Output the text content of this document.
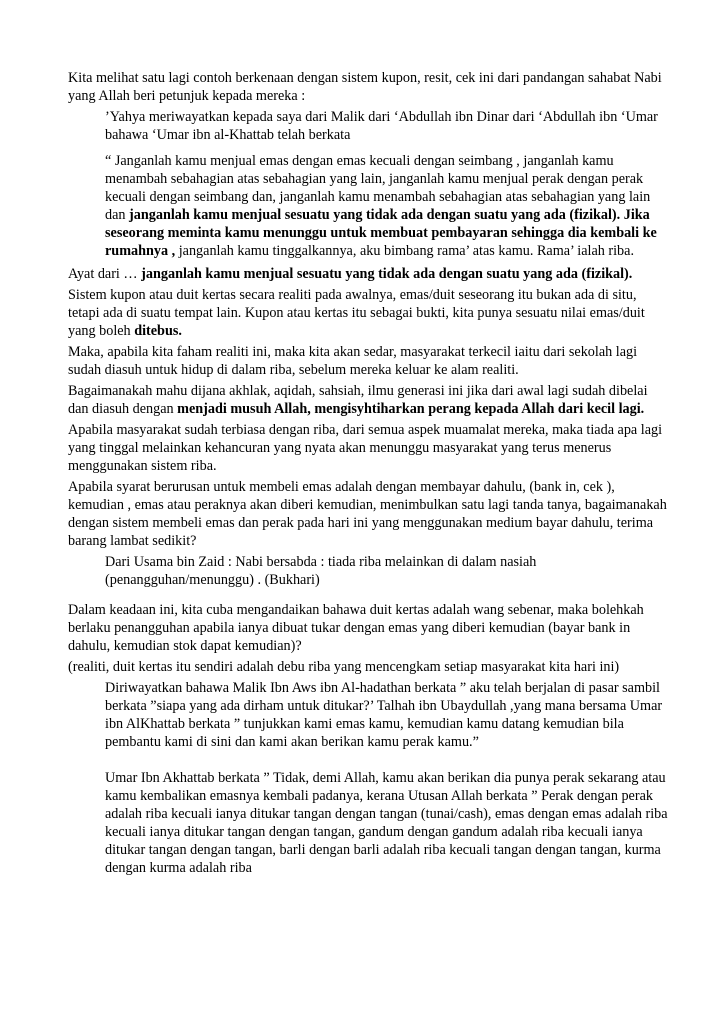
Kita melihat satu lagi contoh berkenaan dengan sistem kupon, resit, cek ini dari pandangan sahabat Nabi yang Allah beri petunjuk kepada mereka :

’Yahya meriwayatkan kepada saya dari Malik dari ‘Abdullah ibn Dinar dari ‘Abdullah ibn ‘Umar bahawa ‘Umar ibn al-Khattab telah berkata

“ Janganlah kamu menjual emas dengan emas kecuali dengan seimbang , janganlah kamu menambah sebahagian atas sebahagian yang lain, janganlah kamu menjual perak dengan perak kecuali dengan seimbang dan, janganlah kamu menambah sebahagian atas sebahagian yang lain dan janganlah kamu menjual sesuatu yang tidak ada dengan suatu yang ada (fizikal). Jika seseorang meminta kamu menunggu untuk membuat pembayaran sehingga dia kembali ke rumahnya , janganlah kamu tinggalkannya, aku bimbang rama’ atas kamu. Rama’ ialah riba.

Ayat dari … janganlah kamu menjual sesuatu yang tidak ada dengan suatu yang ada (fizikal).

Sistem kupon atau duit kertas secara realiti pada awalnya, emas/duit seseorang itu bukan ada di situ, tetapi ada di suatu tempat lain. Kupon atau kertas itu sebagai bukti, kita punya sesuatu nilai emas/duit yang boleh ditebus.

Maka, apabila kita faham realiti ini, maka kita akan sedar, masyarakat terkecil iaitu dari sekolah lagi sudah diasuh untuk hidup di dalam riba, sebelum mereka keluar ke alam realiti.

Bagaimanakah mahu dijana akhlak, aqidah, sahsiah, ilmu generasi ini jika dari awal lagi sudah dibelai dan diasuh dengan menjadi musuh Allah, mengisyhtiharkan perang kepada Allah dari kecil lagi.

Apabila masyarakat sudah terbiasa dengan riba, dari semua aspek muamalat mereka, maka tiada apa lagi yang tinggal melainkan kehancuran yang nyata akan menunggu masyarakat yang terus menerus menggunakan sistem riba.

Apabila syarat berurusan untuk membeli emas adalah dengan membayar dahulu, (bank in, cek ), kemudian , emas atau peraknya akan diberi kemudian, menimbulkan satu lagi tanda tanya, bagaimanakah dengan sistem membeli emas dan perak pada hari ini yang menggunakan medium bayar dahulu, terima barang lambat sedikit?

Dari Usama bin Zaid : Nabi bersabda : tiada riba melainkan di dalam nasiah (penangguhan/menunggu) . (Bukhari)

Dalam keadaan ini, kita cuba mengandaikan bahawa duit kertas adalah wang sebenar, maka bolehkah berlaku penangguhan apabila ianya dibuat tukar dengan emas yang diberi kemudian (bayar bank in dahulu, kemudian stok dapat kemudian)?

(realiti, duit kertas itu sendiri adalah debu riba yang mencengkam setiap masyarakat kita hari ini)

Diriwayatkan bahawa Malik Ibn Aws ibn Al-hadathan berkata ” aku telah berjalan di pasar sambil berkata ”siapa yang ada dirham untuk ditukar?’ Talhah ibn Ubaydullah ,yang mana bersama Umar ibn AlKhattab berkata ” tunjukkan kami emas kamu, kemudian kamu datang kemudian bila pembantu kami di sini dan kami akan berikan kamu perak kamu.”

Umar Ibn Akhattab berkata ” Tidak, demi Allah, kamu akan berikan dia punya perak sekarang atau kamu kembalikan emasnya kembali padanya, kerana Utusan Allah berkata ” Perak dengan perak adalah riba kecuali ianya ditukar tangan dengan tangan (tunai/cash), emas dengan emas adalah riba kecuali ianya ditukar tangan dengan tangan, gandum dengan gandum adalah riba kecuali ianya ditukar tangan dengan tangan, barli dengan barli adalah riba kecuali tangan dengan tangan, kurma dengan kurma adalah riba
